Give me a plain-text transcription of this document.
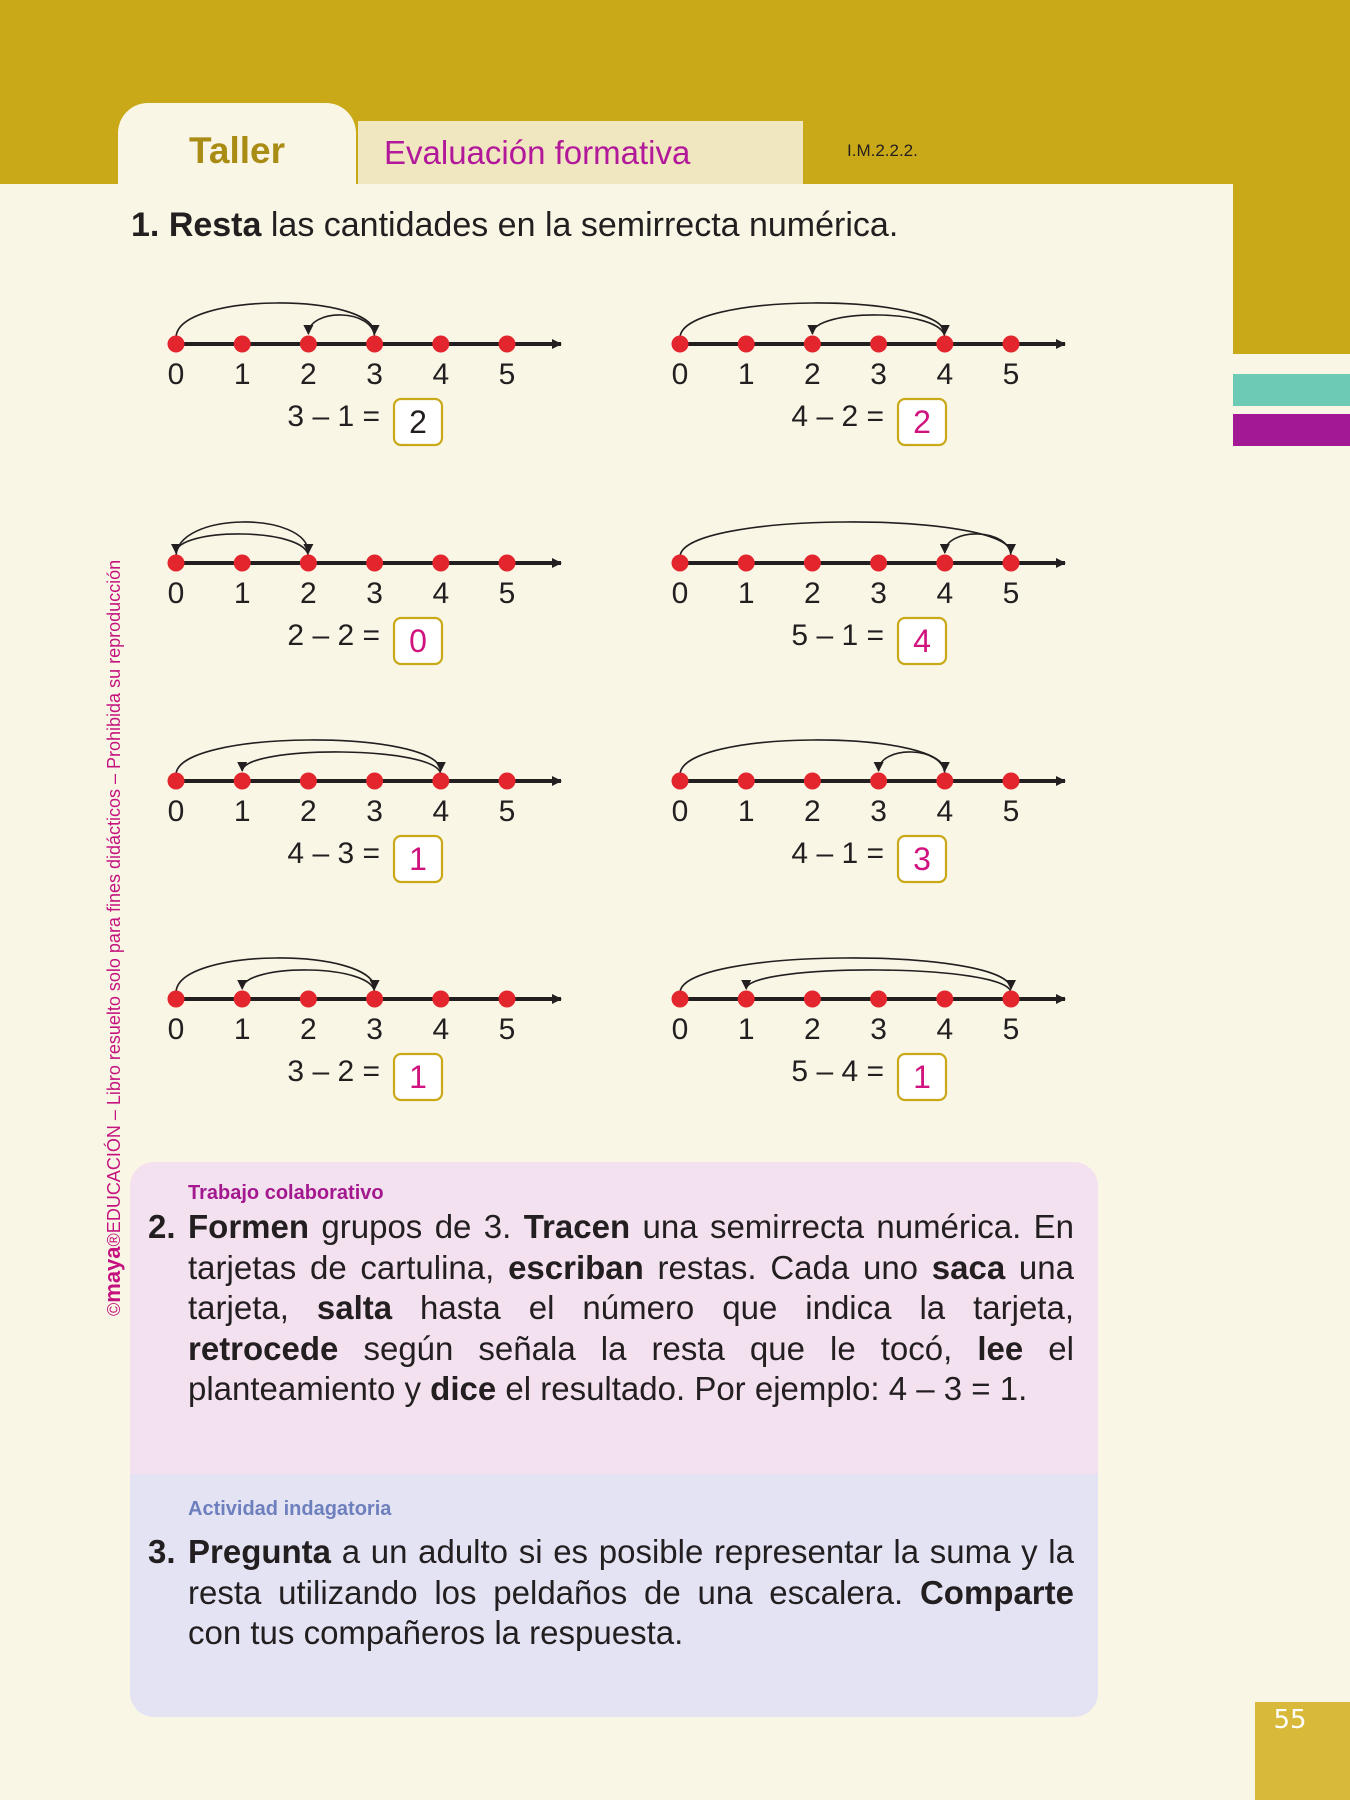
Taller	Evaluación formativa	I.M.2.2.2.
1. Resta las cantidades en la semirrecta numérica.
0 1 2 3 4 5
3 – 1 = 2
0 1 2 3 4 5
4 – 2 = 2
0 1 2 3 4 5
2 – 2 = 0
0 1 2 3 4 5
5 – 1 = 4
0 1 2 3 4 5
4 – 3 = 1
0 1 2 3 4 5
4 – 1 = 3
0 1 2 3 4 5
3 – 2 = 1
0 1 2 3 4 5
5 – 4 = 1
©maya®EDUCACIÓN – Libro resuelto solo para fines didácticos – Prohibida su reproducción	Trabajo colaborativo
2. Formen grupos de 3. Tracen una semirrecta numérica. En tarjetas de cartulina, escriban restas. Cada uno saca una tarjeta, salta hasta el número que indica la tarjeta, retrocede según señala la resta que le tocó, lee el planteamiento y dice el resultado. Por ejemplo: 4 – 3 = 1.
Actividad indagatoria
3. Pregunta a un adulto si es posible representar la suma y la resta utilizando los peldaños de una escalera. Comparte con tus compañeros la respuesta.
55
